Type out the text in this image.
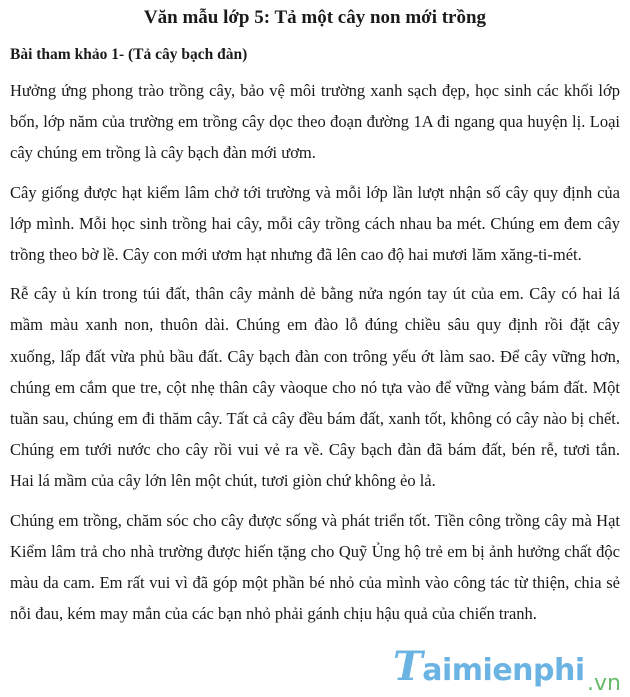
Văn mẫu lớp 5: Tả một cây non mới trồng
Bài tham khảo 1- (Tả cây bạch đàn)

Hưởng ứng phong trào trồng cây, bảo vệ môi trường xanh sạch đẹp, học sinh các khối lớp bốn, lớp năm của trường em trồng cây dọc theo đoạn đường 1A đi ngang qua huyện lị. Loại cây chúng em trồng là cây bạch đàn mới ươm.

Cây giống được hạt kiểm lâm chở tới trường và mỗi lớp lần lượt nhận số cây quy định của lớp mình. Mỗi học sinh trồng hai cây, mỗi cây trồng cách nhau ba mét. Chúng em đem cây trồng theo bờ lề. Cây con mới ươm hạt nhưng đã lên cao độ hai mươi lăm xăng-ti-mét.

Rễ cây ủ kín trong túi đất, thân cây mảnh dẻ bằng nửa ngón tay út của em. Cây có hai lá mầm màu xanh non, thuôn dài. Chúng em đào lỗ đúng chiều sâu quy định rồi đặt cây xuống, lấp đất vừa phủ bầu đất. Cây bạch đàn con trông yếu ớt làm sao. Để cây vững hơn, chúng em cắm que tre, cột nhẹ thân cây vàoque cho nó tựa vào để vững vàng bám đất. Một tuần sau, chúng em đi thăm cây. Tất cả cây đều bám đất, xanh tốt, không có cây nào bị chết. Chúng em tưới nước cho cây rồi vui vẻ ra về. Cây bạch đàn đã bám đất, bén rễ, tươi tắn. Hai lá mầm của cây lớn lên một chút, tươi giòn chứ không ẻo lả.

Chúng em trồng, chăm sóc cho cây được sống và phát triển tốt. Tiền công trồng cây mà Hạt Kiểm lâm trả cho nhà trường được hiến tặng cho Quỹ Ủng hộ trẻ em bị ảnh hưởng chất độc màu da cam. Em rất vui vì đã góp một phần bé nhỏ của mình vào công tác từ thiện, chia sẻ nỗi đau, kém may mắn của các bạn nhỏ phải gánh chịu hậu quả của chiến tranh.

Taimienphi .vn
